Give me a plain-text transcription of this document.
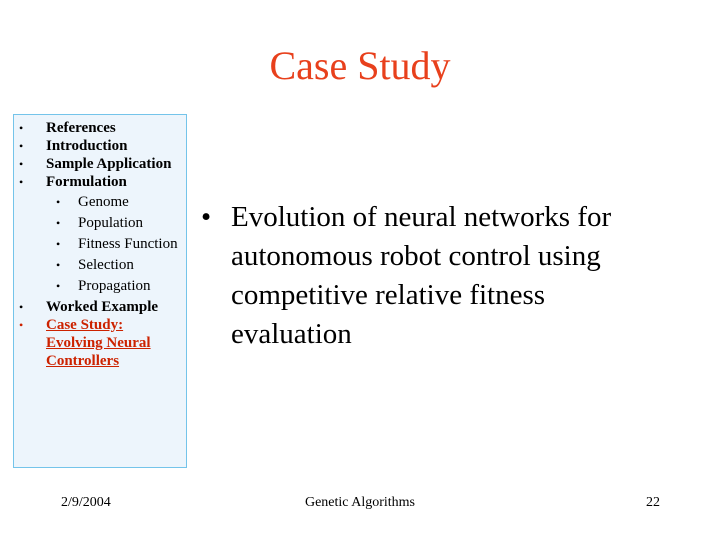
Case Study
• References
• Introduction
• Sample Application
• Formulation
• Genome
• Population
• Fitness Function
• Selection
• Propagation
• Worked Example
• Case Study: Evolving Neural Controllers
• Evolution of neural networks for autonomous robot control using competitive relative fitness evaluation
2/9/2004	Genetic Algorithms	22
